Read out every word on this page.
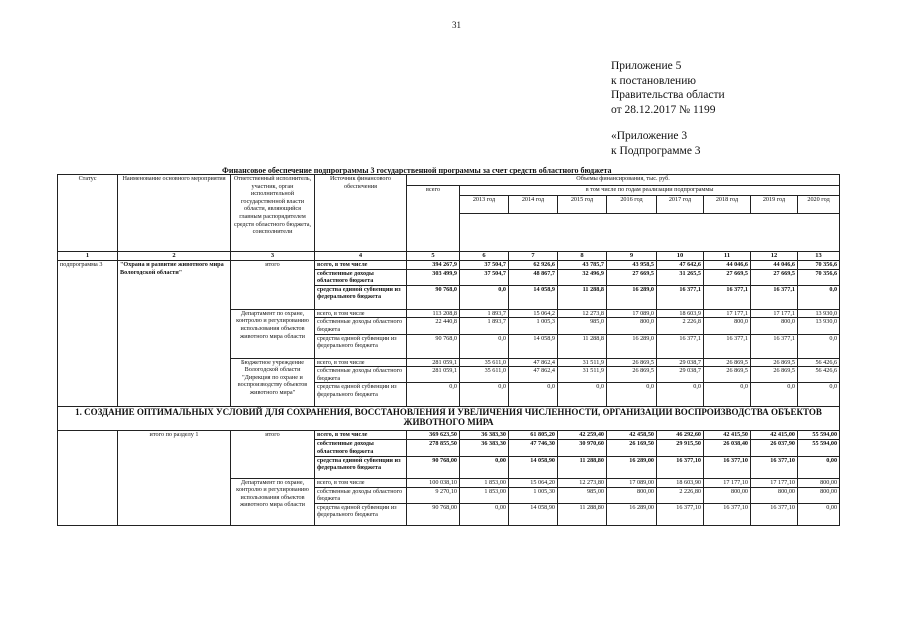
31
Приложение 5
к постановлению
Правительства области
от 28.12.2017 № 1199
«Приложение 3
к Подпрограмме 3
Финансовое обеспечение подпрограммы 3 государственной программы за счет средств областного бюджета
Статус	Наименование основного мероприятия	Ответственный исполнитель, участник, орган исполнительной государственной власти области, являющийся главным распорядителем средств областного бюджета, соисполнители	Источник финансового обеспечения	Объемы финансирования, тыс. руб.								
				всего	в том числе по годам реализации подпрограммы							
					2013 год	2014 год	2015 год	2016 год	2017 год	2018 год	2019 год	2020 год

1	2	3	4	5	6	7	8	9	10	11	12	13
подпрограмма 3	"Охрана и развитие животного мира Вологодской области"	итого	всего, в том числе	394 267,9	37 504,7	62 926,6	43 785,7	43 958,5	47 642,6	44 046,6	44 046,6	70 356,6
			собственные доходы областного бюджета	303 499,9	37 504,7	48 867,7	32 496,9	27 669,5	31 265,5	27 669,5	27 669,5	70 356,6
			средства единой субвенции из федерального бюджета	90 768,0	0,0	14 058,9	11 288,8	16 289,0	16 377,1	16 377,1	16 377,1	0,0
		Департамент по охране, контролю и регулированию использования объектов животного мира области	всего, в том числе	113 208,8	1 893,7	15 064,2	12 273,8	17 089,0	18 603,9	17 177,1	17 177,1	13 930,0
			собственные доходы областного бюджета	22 440,8	1 893,7	1 005,3	985,0	800,0	2 226,8	800,0	800,0	13 930,0
			средства единой субвенции из федерального бюджета	90 768,0	0,0	14 058,9	11 288,8	16 289,0	16 377,1	16 377,1	16 377,1	0,0
		Бюджетное учреждение Вологодской области "Дирекция по охране и воспроизводству объектов животного мира"	всего, в том числе	281 059,1	35 611,0	47 862,4	31 511,9	26 869,5	29 038,7	26 869,5	26 869,5	56 426,6
			собственные доходы областного бюджета	281 059,1	35 611,0	47 862,4	31 511,9	26 869,5	29 038,7	26 869,5	26 869,5	56 426,6
			средства единой субвенции из федерального бюджета	0,0	0,0	0,0	0,0	0,0	0,0	0,0	0,0	0,0
1. СОЗДАНИЕ ОПТИМАЛЬНЫХ УСЛОВИЙ ДЛЯ СОХРАНЕНИЯ, ВОССТАНОВЛЕНИЯ И УВЕЛИЧЕНИЯ ЧИСЛЕННОСТИ, ОРГАНИЗАЦИИ ВОСПРОИЗВОДСТВА ОБЪЕКТОВ ЖИВОТНОГО МИРА												
	итого по разделу 1	итого	всего, в том числе	369 623,50	36 383,30	61 805,20	42 259,40	42 458,50	46 292,60	42 415,50	42 415,00	55 594,00
			собственные доходы областного бюджета	278 855,50	36 383,30	47 746,30	30 970,60	26 169,50	29 915,50	26 038,40	26 037,90	55 594,00
			средства единой субвенции из федерального бюджета	90 768,00	0,00	14 058,90	11 288,80	16 289,00	16 377,10	16 377,10	16 377,10	0,00
		Департамент по охране, контролю и регулированию использования объектов животного мира области	всего, в том числе	100 038,10	1 853,00	15 064,20	12 273,80	17 089,00	18 603,90	17 177,10	17 177,10	800,00
			собственные доходы областного бюджета	9 270,10	1 853,00	1 005,30	985,00	800,00	2 226,80	800,00	800,00	800,00
			средства единой субвенции из федерального бюджета	90 768,00	0,00	14 058,90	11 288,80	16 289,00	16 377,10	16 377,10	16 377,10	0,00
